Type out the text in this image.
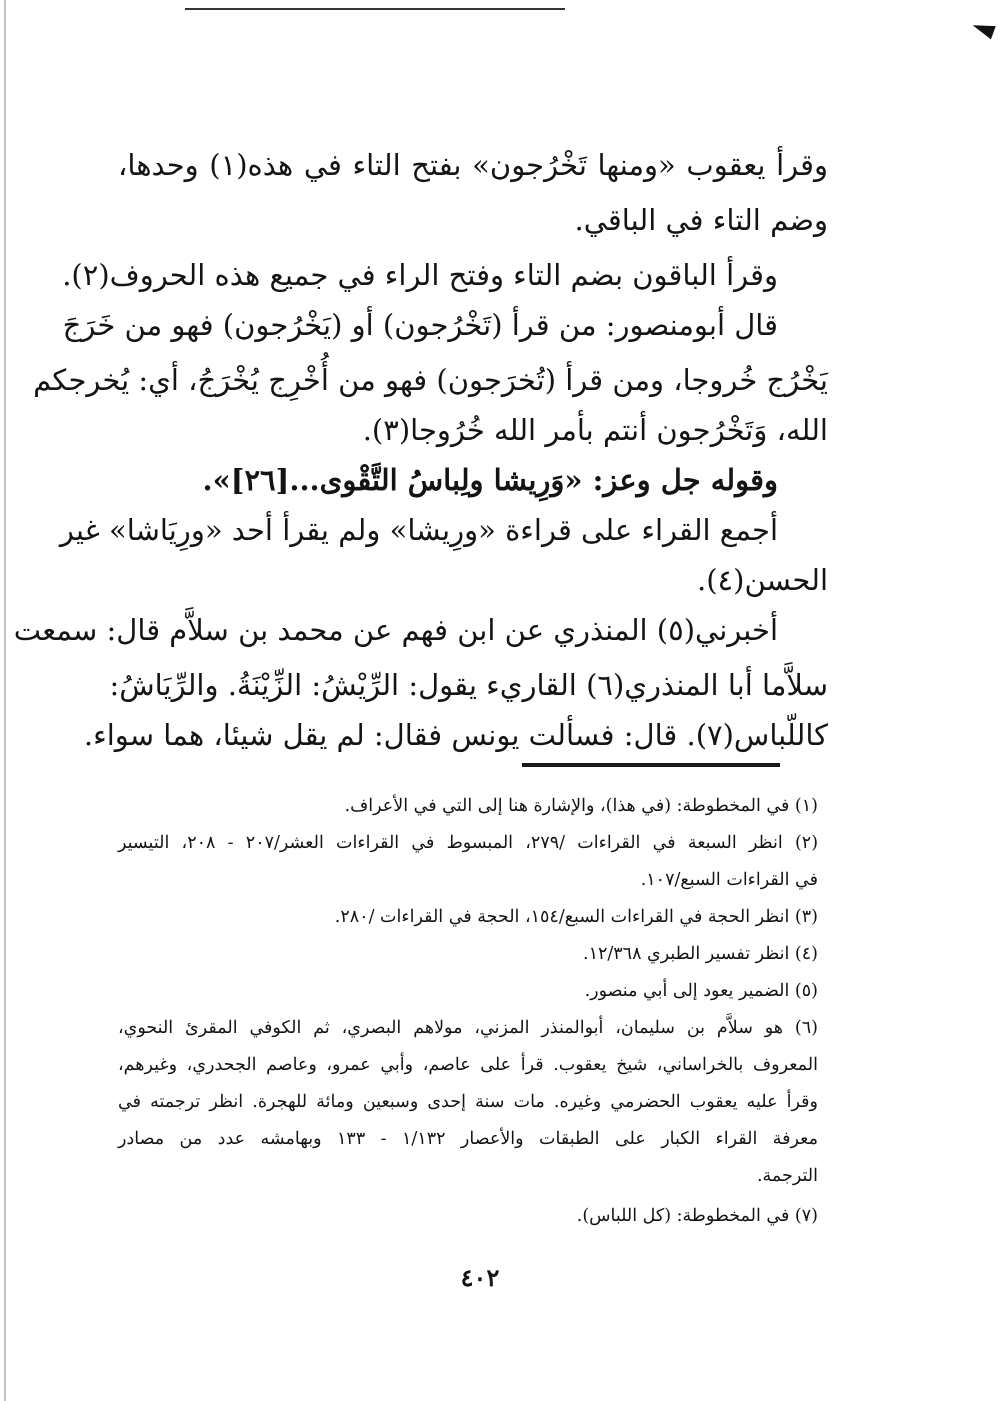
وقرأ يعقوب «ومنها تَخْرُجون» بفتح التاء في هذه(١) وحدها،
وضم التاء في الباقي.
وقرأ الباقون بضم التاء وفتح الراء في جميع هذه الحروف(٢).
قال أبومنصور: من قرأ (تَخْرُجون) أو (يَخْرُجون) فهو من خَرَجَ
يَخْرُج خُروجا، ومن قرأ (تُخرَجون) فهو من أُخْرِج يُخْرَجُ، أي: يُخرجكم
الله، وَتَخْرُجون أنتم بأمر الله خُرُوجا(٣).
وقوله جل وعز: «وَرِيشا ولِباسُ التَّقْوى...[٢٦]».
أجمع القراء على قراءة «ورِيشا» ولم يقرأ أحد «ورِيَاشا» غير
الحسن(٤).
أخبرني(٥) المنذري عن ابن فهم عن محمد بن سلاَّم قال: سمعت
سلاَّما أبا المنذري(٦) القاريء يقول: الرِّيْشُ: الزِّيْنَةُ. والرِّيَاشُ:
كاللّباس(٧). قال: فسألت يونس فقال: لم يقل شيئا، هما سواء.
(١) في المخطوطة: (في هذا)، والإشارة هنا إلى التي في الأعراف.
(٢) انظر السبعة في القراءات /٢٧٩، المبسوط في القراءات العشر/٢٠٧ - ٢٠٨، التيسير
في القراءات السبع/١٠٧.
(٣) انظر الحجة في القراءات السبع/١٥٤، الحجة في القراءات /٢٨٠.
(٤) انظر تفسير الطبري ١٢/٣٦٨.
(٥) الضمير يعود إلى أبي منصور.
(٦) هو سلاَّم بن سليمان، أبوالمنذر المزني، مولاهم البصري، ثم الكوفي المقرئ النحوي،
المعروف بالخراساني، شيخ يعقوب. قرأ على عاصم، وأبي عمرو، وعاصم الجحدري، وغيرهم،
وقرأ عليه يعقوب الحضرمي وغيره. مات سنة إحدى وسبعين ومائة للهجرة. انظر ترجمته في
معرفة القراء الكبار على الطبقات والأعصار ١/١٣٢ - ١٣٣ وبهامشه عدد من مصادر
الترجمة.
(٧) في المخطوطة: (كل اللباس).
٤٠٢
